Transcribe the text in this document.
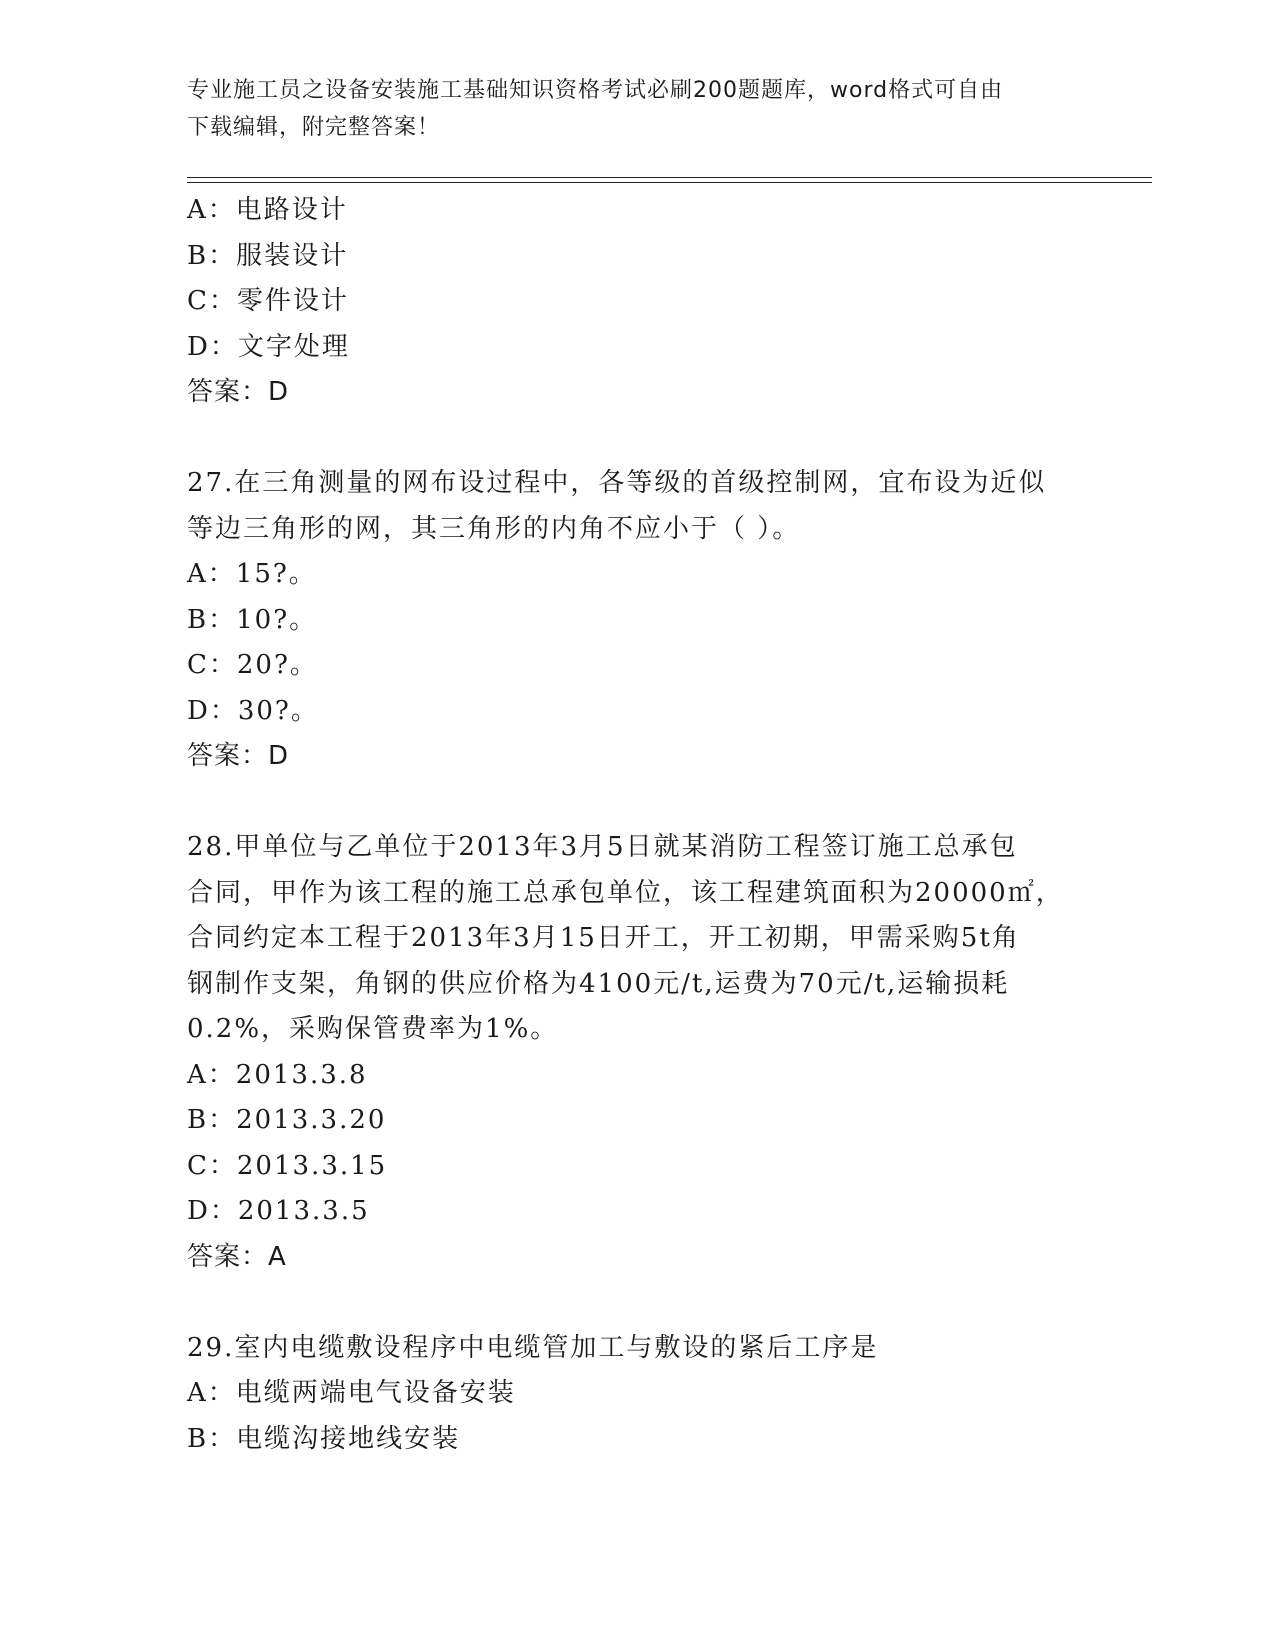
专业施工员之设备安装施工基础知识资格考试必刷200题题库，word格式可自由
下载编辑，附完整答案！
A：电路设计
B：服装设计
C：零件设计
D：文字处理
答案：D
27.在三角测量的网布设过程中，各等级的首级控制网，宜布设为近似
等边三角形的网，其三角形的内角不应小于（ ）。
A：15?。
B：10?。
C：20?。
D：30?。
答案：D
28.甲单位与乙单位于2013年3月5日就某消防工程签订施工总承包
合同，甲作为该工程的施工总承包单位，该工程建筑面积为20000㎡，
合同约定本工程于2013年3月15日开工，开工初期，甲需采购5t角
钢制作支架，角钢的供应价格为4100元/t,运费为70元/t,运输损耗
0.2%，采购保管费率为1%。
A：2013.3.8
B：2013.3.20
C：2013.3.15
D：2013.3.5
答案：A
29.室内电缆敷设程序中电缆管加工与敷设的紧后工序是
A：电缆两端电气设备安装
B：电缆沟接地线安装
